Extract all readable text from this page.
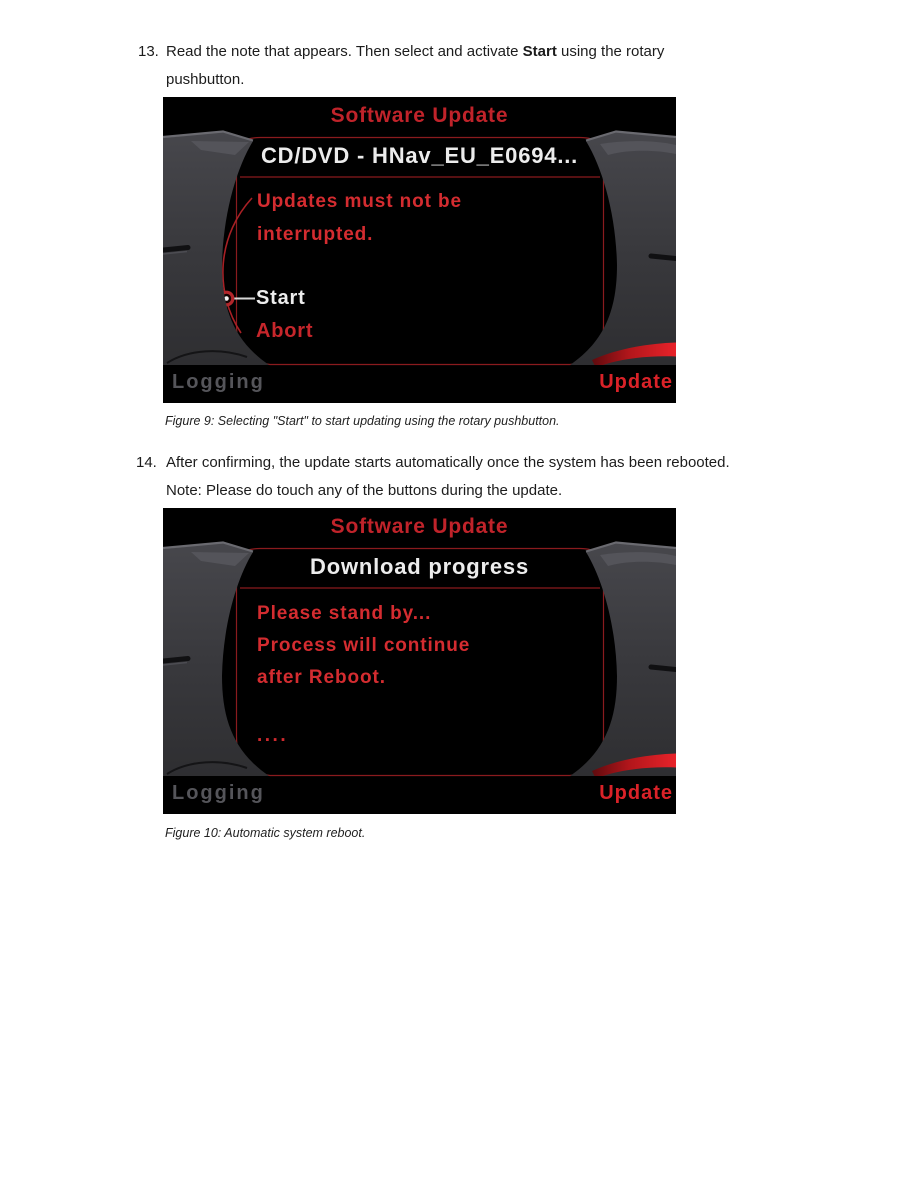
13. Read the note that appears. Then select and activate Start using the rotary
pushbutton.
Software Update
CD/DVD - HNav_EU_E0694...
Updates must not be
interrupted.
Start
Abort
Logging	Update
Figure 9: Selecting "Start" to start updating using the rotary pushbutton.
14. After confirming, the update starts automatically once the system has been rebooted.
Note: Please do touch any of the buttons during the update.
Software Update
Download progress
Please stand by...
Process will continue
after Reboot.
....
Logging	Update
Figure 10: Automatic system reboot.
